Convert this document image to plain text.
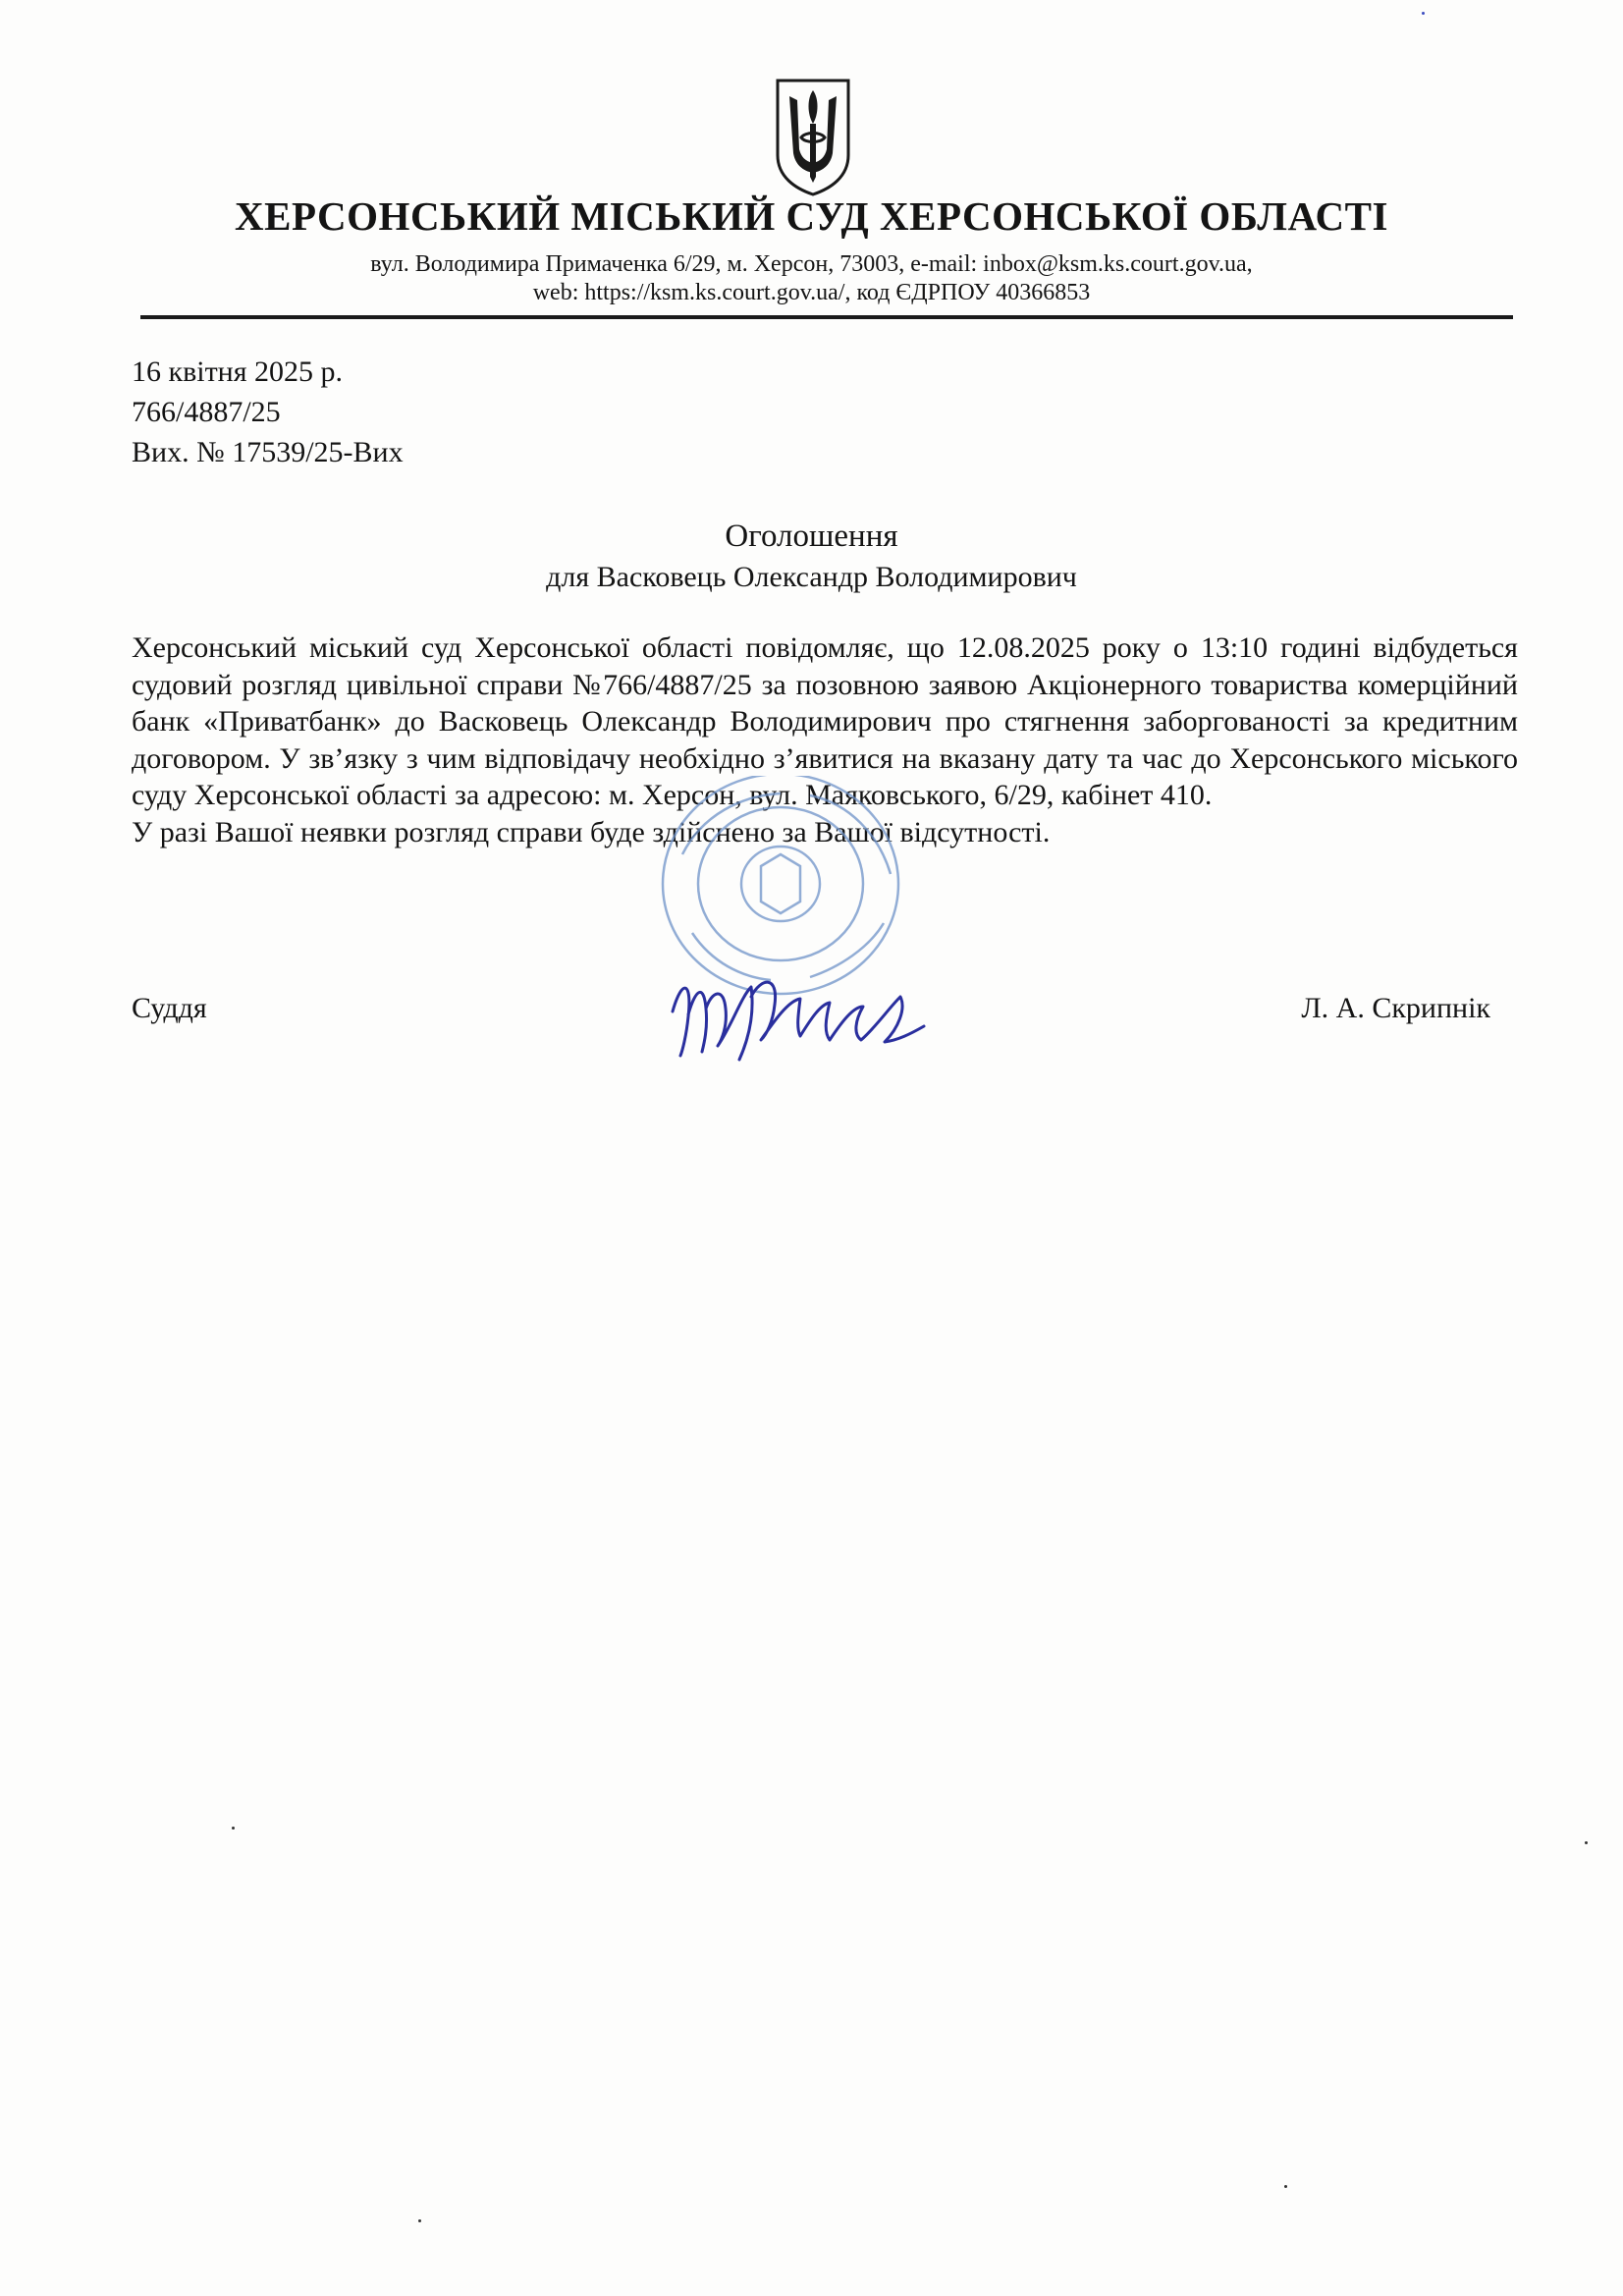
ХЕРСОНСЬКИЙ МІСЬКИЙ СУД ХЕРСОНСЬКОЇ ОБЛАСТІ
вул. Володимира Примаченка 6/29, м. Херсон, 73003, e-mail: inbox@ksm.ks.court.gov.ua,
web: https://ksm.ks.court.gov.ua/, код ЄДРПОУ 40366853
16 квітня 2025 р.
766/4887/25
Вих. № 17539/25-Вих
Оголошення
для Васковець Олександр Володимирович

Херсонський міський суд Херсонської області повідомляє, що 12.08.2025 року о 13:10 годині відбудеться судовий розгляд цивільної справи №766/4887/25 за позовною заявою Акціонерного товариства комерційний банк «Приватбанк» до Васковець Олександр Володимирович про стягнення заборгованості за кредитним договором. У зв’язку з чим відповідачу необхідно з’явитися на вказану дату та час до Херсонського міського суду Херсонської області за адресою: м. Херсон, вул. Маяковського, 6/29, кабінет 410.

У разі Вашої неявки розгляд справи буде здійснено за Вашої відсутності.

Суддя	Л. А. Скрипнік
